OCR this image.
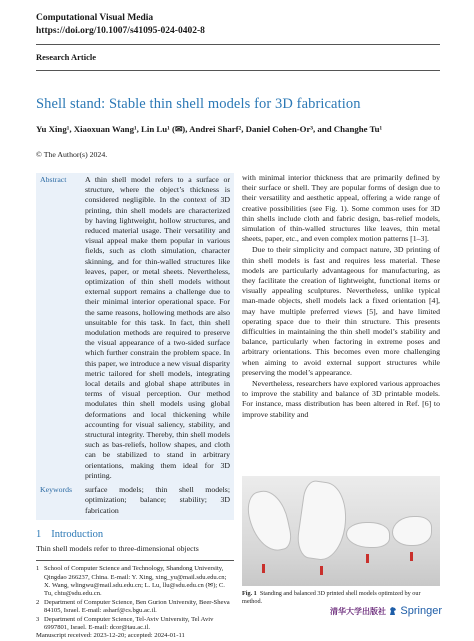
Computational Visual Media
https://doi.org/10.1007/s41095-024-0402-8
Research Article
Shell stand: Stable thin shell models for 3D fabrication
Yu Xing¹, Xiaoxuan Wang¹, Lin Lu¹ (✉), Andrei Sharf², Daniel Cohen-Or³, and Changhe Tu¹
© The Author(s) 2024.
Abstract	A thin shell model refers to a surface or structure, where the object’s thickness is considered negligible. In the context of 3D printing, thin shell models are characterized by having lightweight, hollow structures, and reduced material usage. Their versatility and visual appeal make them popular in various fields, such as cloth simulation, character skinning, and for thin-walled structures like leaves, paper, or metal sheets. Nevertheless, optimization of thin shell models without external support remains a challenge due to their minimal interior operational space. For the same reasons, hollowing methods are also unsuitable for this task. In fact, thin shell modulation methods are required to preserve the visual appearance of a two-sided surface which further constrain the problem space. In this paper, we introduce a new visual disparity metric tailored for shell models, integrating local details and global shape attributes in terms of visual perception. Our method modulates thin shell models using global deformations and local thickening while accounting for visual saliency, stability, and structural integrity. Thereby, thin shell models such as bas-reliefs, hollow shapes, and cloth can be stabilized to stand in arbitrary orientations, making them ideal for 3D printing.
Keywords	surface models; thin shell models; optimization; balance; stability; 3D fabrication
1 Introduction
Thin shell models refer to three-dimensional objects
1 School of Computer Science and Technology, Shandong University, Qingdao 266237, China. E-mail: Y. Xing, xing_yu@mail.sdu.edu.cn; X. Wang, wlingwu@mail.sdu.edu.cn; L. Lu, llu@sdu.edu.cn (✉); C. Tu, chtu@sdu.edu.cn.
2 Department of Computer Science, Ben Gurion University, Beer-Sheva 84105, Israel. E-mail: asharf@cs.bgu.ac.il.
3 Department of Computer Science, Tel-Aviv University, Tel Aviv 6997801, Israel. E-mail: dcor@tau.ac.il.
Manuscript received: 2023-12-20; accepted: 2024-01-11
with minimal interior thickness that are primarily defined by their surface or shell. They are popular forms of design due to their versatility and aesthetic appeal, offering a wide range of creative possibilities (see Fig. 1). Some common uses for 3D thin shells include cloth and fabric design, bas-relief models, simulation of thin-walled structures like leaves, thin metal sheets, paper, etc., and even complex motion patterns [1–3].
Due to their simplicity and compact nature, 3D printing of thin shell models is fast and requires less material. These models are particularly advantageous for manufacturing, as they facilitate the creation of lightweight, functional items or visually appealing sculptures. Nevertheless, unlike typical man-made objects, shell models lack a fixed orientation [4], may have multiple preferred views [5], and have limited operating space due to their thin structure. This presents difficulties in maintaining the thin shell model’s stability and balance, particularly when factoring in extreme poses and arbitrary orientations. This becomes even more challenging when aiming to avoid external support structures while preserving the model’s appearance.
Nevertheless, researchers have explored various approaches to improve the stability and balance of 3D printable models. For instance, mass distribution has been altered in Ref. [6] to improve stability and
Fig. 1 Standing and balanced 3D printed shell models optimized by our method.
清华大学出版社 Springer
